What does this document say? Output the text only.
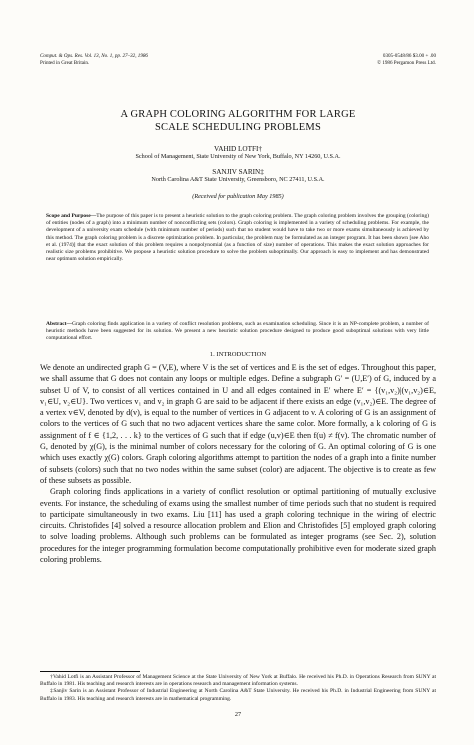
Comput. & Ops. Res. Vol. 13, No. 1, pp. 27–32, 1986
Printed in Great Britain.
0305-0548/86 $3.00 + .00
© 1986 Pergamon Press Ltd.
A GRAPH COLORING ALGORITHM FOR LARGE
SCALE SCHEDULING PROBLEMS
VAHID LOTFI†
School of Management, State University of New York, Buffalo, NY 14260, U.S.A.
SANJIV SARIN‡
North Carolina A&T State University, Greensboro, NC 27411, U.S.A.
(Received for publication May 1985)
Scope and Purpose—The purpose of this paper is to present a heuristic solution to the graph coloring problem. The graph coloring problem involves the grouping (coloring) of entities (nodes of a graph) into a minimum number of nonconflicting sets (colors). Graph coloring is implemented in a variety of scheduling problems. For example, the development of a university exam schedule (with minimum number of periods) such that no student would have to take two or more exams simultaneously is achieved by this method. The graph coloring problem is a discrete optimization problem. In particular, the problem may be formulated as an integer program. It has been shown [see Aho et al. (1974)] that the exact solution of this problem requires a nonpolynomial (as a function of size) number of operations. This makes the exact solution approaches for realistic size problems prohibitive. We propose a heuristic solution procedure to solve the problem suboptimally. Our approach is easy to implement and has demonstrated near optimum solution empirically.
Abstract—Graph coloring finds application in a variety of conflict resolution problems, such as examination scheduling. Since it is an NP-complete problem, a number of heuristic methods have been suggested for its solution. We present a new heuristic solution procedure designed to produce good suboptimal solutions with very little computational effort.
1. INTRODUCTION

We denote an undirected graph G = (V,E), where V is the set of vertices and E is the set of edges. Throughout this paper, we shall assume that G does not contain any loops or multiple edges. Define a subgraph G′ = (U,E′) of G, induced by a subset U of V, to consist of all vertices contained in U and all edges contained in E′ where E′ = {(v₁,v₂)|(v₁,v₂)∈E, v₁∈U, v₂∈U}. Two vertices v₁ and v₂ in graph G are said to be adjacent if there exists an edge (v₁,v₂)∈E. The degree of a vertex v∈V, denoted by d(v), is equal to the number of vertices in G adjacent to v. A coloring of G is an assignment of colors to the vertices of G such that no two adjacent vertices share the same color. More formally, a k coloring of G is assignment of f ∈ {1,2, . . . k} to the vertices of G such that if edge (u,v)∈E then f(u) ≠ f(v). The chromatic number of G, denoted by χ(G), is the minimal number of colors necessary for the coloring of G. An optimal coloring of G is one which uses exactly χ(G) colors. Graph coloring algorithms attempt to partition the nodes of a graph into a finite number of subsets (colors) such that no two nodes within the same subset (color) are adjacent. The objective is to create as few of these subsets as possible.

Graph coloring finds applications in a variety of conflict resolution or optimal partitioning of mutually exclusive events. For instance, the scheduling of exams using the smallest number of time periods such that no student is required to participate simultaneously in two exams. Liu [11] has used a graph coloring technique in the wiring of electric circuits. Christofides [4] solved a resource allocation problem and Elion and Christofides [5] employed graph coloring to solve loading problems. Although such problems can be formulated as integer programs (see Sec. 2), solution procedures for the integer programming formulation become computationally prohibitive even for moderate sized graph coloring problems.

†Vahid Lotfi is an Assistant Professor of Management Science at the State University of New York at Buffalo. He received his Ph.D. in Operations Research from SUNY at Buffalo in 1981. His teaching and research interests are in operations research and management information systems.

‡Sanjiv Sarin is an Assistant Professor of Industrial Engineering at North Carolina A&T State University. He received his Ph.D. in Industrial Engineering from SUNY at Buffalo in 1983. His teaching and research interests are in mathematical programming.

27
